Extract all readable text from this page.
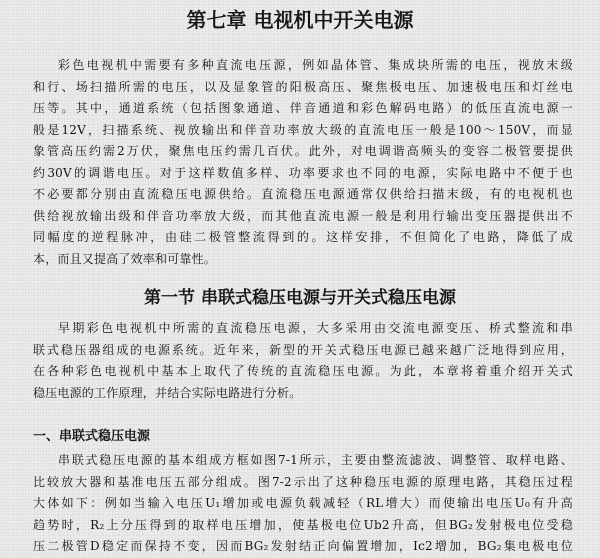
第七章 电视机中开关电源
彩色电视机中需要有多种直流电压源，例如晶体管、集成块所需的电压，视放末级
和行、场扫描所需的电压，以及显象管的阳极高压、聚焦极电压、加速极电压和灯丝电
压等。其中，通道系统（包括图象通道、伴音通道和彩色解码电路）的低压直流电源一
般是12V，扫描系统、视放输出和伴音功率放大级的直流电压一般是100～150V，而显
象管高压约需2万伏，聚焦电压约需几百伏。此外，对电调谐高频头的变容二极管要提供
约30V的调谐电压。对于这样数值多样、功率要求也不同的电源，实际电路中不便于也
不必要都分别由直流稳压电源供给。直流稳压电源通常仅供给扫描末级，有的电视机也
供给视放输出级和伴音功率放大级，而其他直流电源一般是利用行输出变压器提供出不
同幅度的逆程脉冲，由硅二极管整流得到的。这样安排，不但简化了电路，降低了成
本，而且又提高了效率和可靠性。
第一节 串联式稳压电源与开关式稳压电源
早期彩色电视机中所需的直流稳压电源，大多采用由交流电源变压、桥式整流和串
联式稳压器组成的电源系统。近年来，新型的开关式稳压电源已越来越广泛地得到应用，
在各种彩色电视机中基本上取代了传统的直流稳压电源。为此，本章将着重介绍开关式
稳压电源的工作原理，并结合实际电路进行分析。
一、串联式稳压电源
串联式稳压电源的基本组成方框如图7-1所示，主要由整流滤波、调整管、取样电路、
比较放大器和基准电压五部分组成。图7-2示出了这种稳压电源的原理电路，其稳压过程
大体如下：例如当输入电压U₁增加或电源负载减轻（RL增大）而使输出电压U₀有升高
趋势时，R₂上分压得到的取样电压增加，使基极电位Ub2升高，但BG₂发射极电位受稳
压二极管D稳定而保持不变，因而BG₂发射结正向偏置增加，Ic2增加，BG₂集电极电位
